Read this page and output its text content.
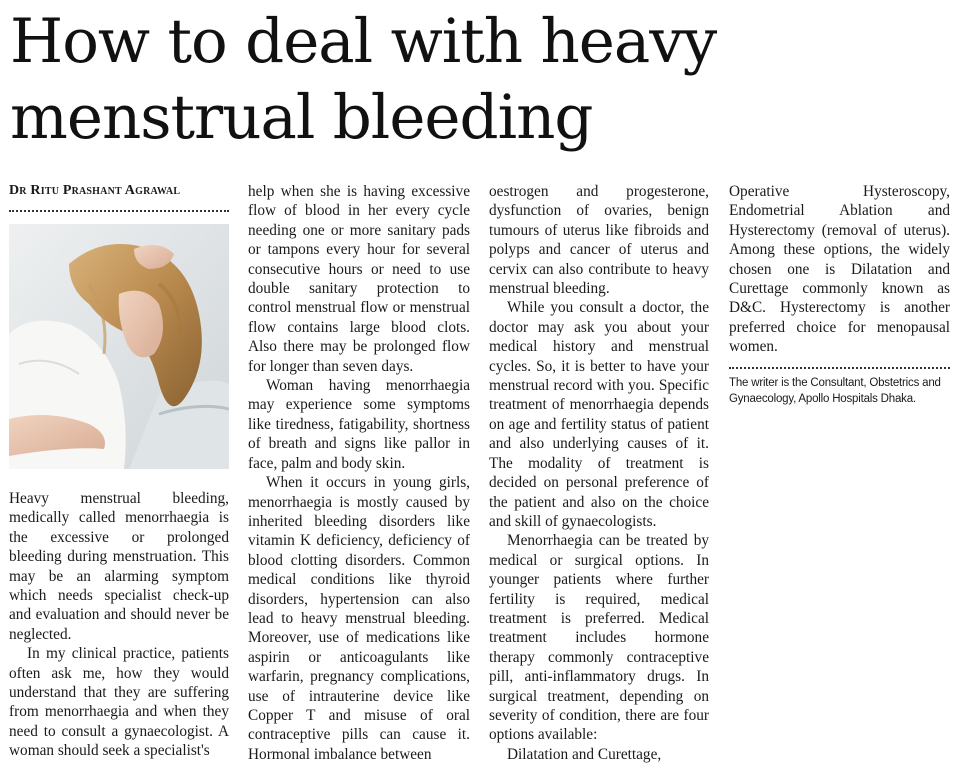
How to deal with heavy menstrual bleeding
Dr Ritu Prashant Agrawal

Heavy menstrual bleeding, medically called menorrhaegia is the excessive or prolonged bleeding during menstruation. This may be an alarming symptom which needs specialist check-up and evaluation and should never be neglected.

In my clinical practice, patients often ask me, how they would understand that they are suffering from menorrhaegia and when they need to consult a gynaecologist. A woman should seek a specialist's

help when she is having excessive flow of blood in her every cycle needing one or more sanitary pads or tampons every hour for several consecutive hours or need to use double sanitary protection to control menstrual flow or menstrual flow contains large blood clots. Also there may be prolonged flow for longer than seven days.

Woman having menorrhaegia may experience some symptoms like tiredness, fatigability, shortness of breath and signs like pallor in face, palm and body skin.

When it occurs in young girls, menorrhaegia is mostly caused by inherited bleeding disorders like vitamin K deficiency, deficiency of blood clotting disorders. Common medical conditions like thyroid disorders, hypertension can also lead to heavy menstrual bleeding. Moreover, use of medications like aspirin or anticoagulants like warfarin, pregnancy complications, use of intrauterine device like Copper T and misuse of oral contraceptive pills can cause it. Hormonal imbalance between

oestrogen and progesterone, dysfunction of ovaries, benign tumours of uterus like fibroids and polyps and cancer of uterus and cervix can also contribute to heavy menstrual bleeding.

While you consult a doctor, the doctor may ask you about your medical history and menstrual cycles. So, it is better to have your menstrual record with you. Specific treatment of menorrhaegia depends on age and fertility status of patient and also underlying causes of it. The modality of treatment is decided on personal preference of the patient and also on the choice and skill of gynaecologists.

Menorrhaegia can be treated by medical or surgical options. In younger patients where further fertility is required, medical treatment is preferred. Medical treatment includes hormone therapy commonly contraceptive pill, anti-inflammatory drugs. In surgical treatment, depending on severity of condition, there are four options available:

Dilatation and Curettage,

Operative Hysteroscopy, Endometrial Ablation and Hysterectomy (removal of uterus). Among these options, the widely chosen one is Dilatation and Curettage commonly known as D&C. Hysterectomy is another preferred choice for menopausal women.

The writer is the Consultant, Obstetrics and Gynaecology, Apollo Hospitals Dhaka.
